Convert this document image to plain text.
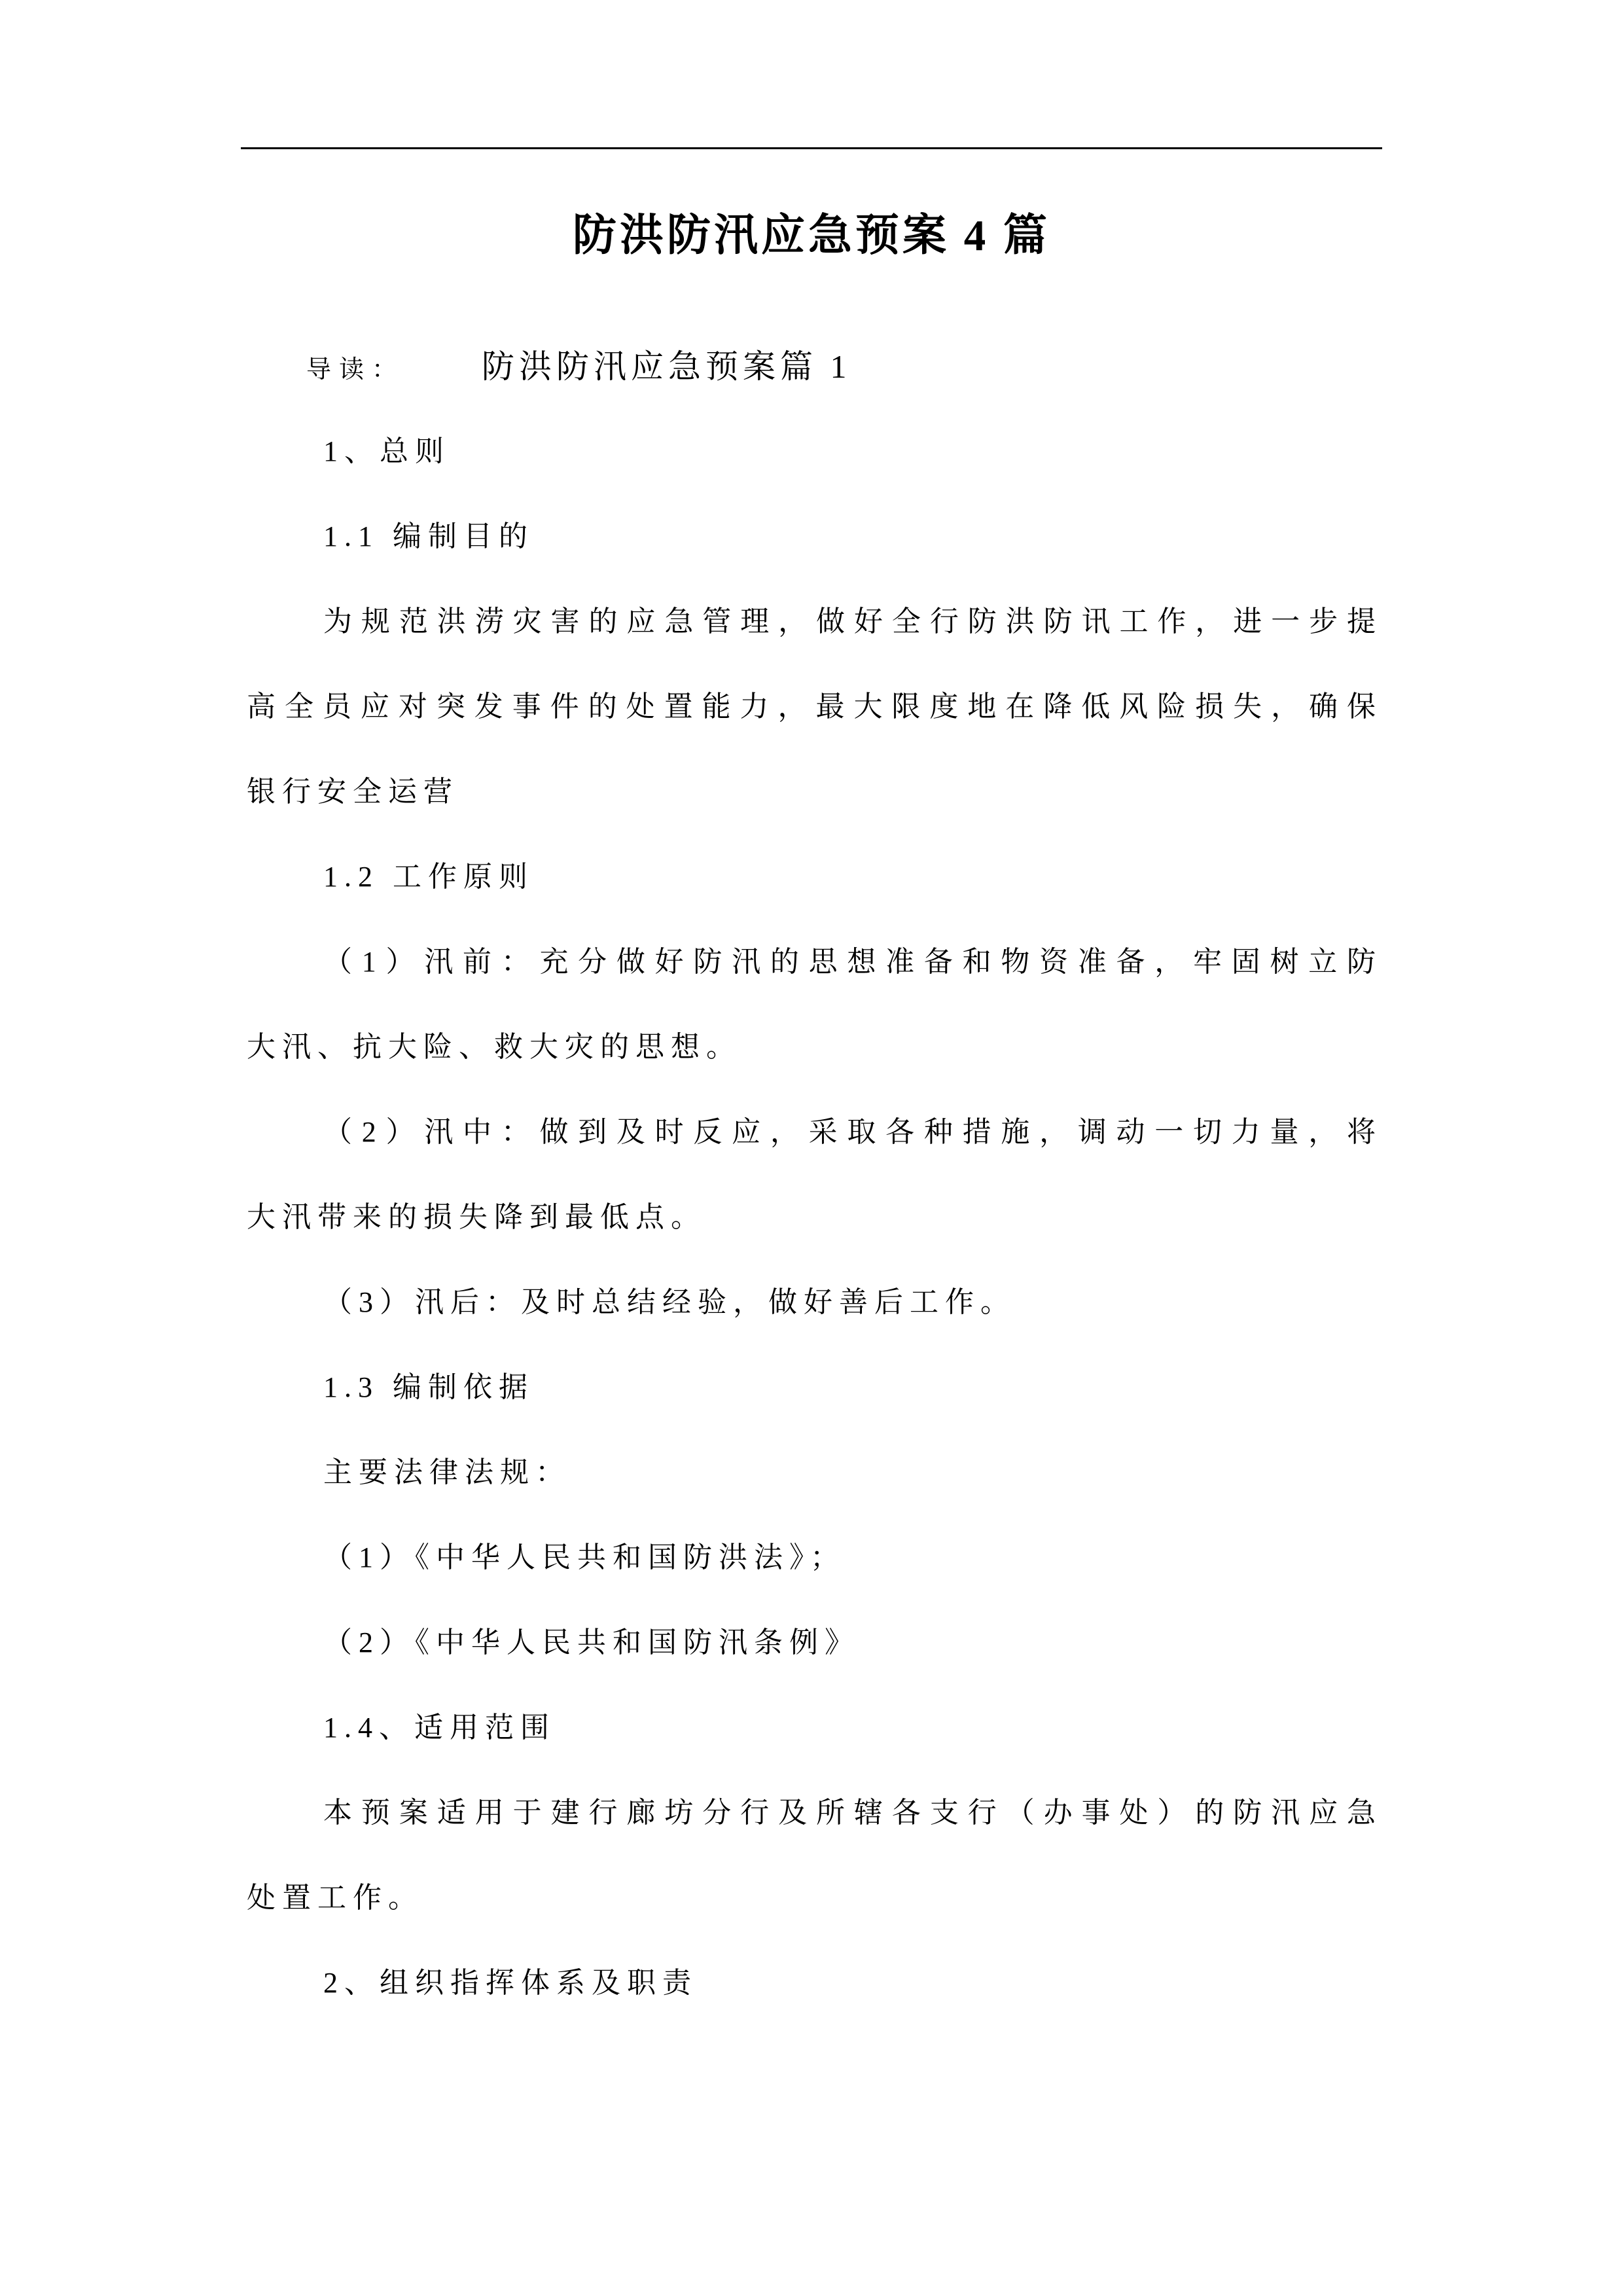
防洪防汛应急预案 4 篇
导读： 防洪防汛应急预案篇 1
1、总则
1.1 编制目的
为规范洪涝灾害的应急管理，做好全行防洪防讯工作，进一步提
高全员应对突发事件的处置能力，最大限度地在降低风险损失，确保
银行安全运营
1.2 工作原则
（1）汛前：充分做好防汛的思想准备和物资准备，牢固树立防
大汛、抗大险、救大灾的思想。
（2）汛中：做到及时反应，采取各种措施，调动一切力量，将
大汛带来的损失降到最低点。
（3）汛后：及时总结经验，做好善后工作。
1.3 编制依据
主要法律法规：
（1）《中华人民共和国防洪法》；
（2）《中华人民共和国防汛条例》
1.4、适用范围
本预案适用于建行廊坊分行及所辖各支行（办事处）的防汛应急
处置工作。
2、组织指挥体系及职责
